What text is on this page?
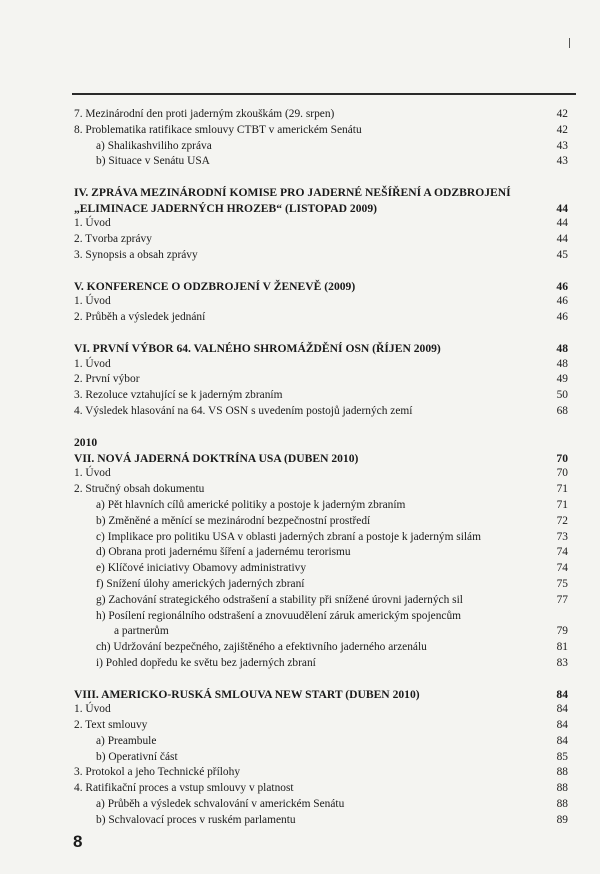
7. Mezinárodní den proti jaderným zkouškám (29. srpen)	42
8. Problematika ratifikace smlouvy CTBT v americkém Senátu	42
a) Shalikashviliho zpráva	43
b) Situace v Senátu USA	43
IV. ZPRÁVA MEZINÁRODNÍ KOMISE PRO JADERNÉ NEŠÍŘENÍ A ODZBROJENÍ
„ELIMINACE JADERNÝCH HROZEB“ (LISTOPAD 2009)	44
1. Úvod	44
2. Tvorba zprávy	44
3. Synopsis a obsah zprávy	45
V. KONFERENCE O ODZBROJENÍ V ŽENEVĚ (2009)	46
1. Úvod	46
2. Průběh a výsledek jednání	46
VI. PRVNÍ VÝBOR 64. VALNÉHO SHROMÁŽDĚNÍ OSN (ŘÍJEN 2009)	48
1. Úvod	48
2. První výbor	49
3. Rezoluce vztahující se k jaderným zbraním	50
4. Výsledek hlasování na 64. VS OSN s uvedením postojů jaderných zemí	68
2010
VII. NOVÁ JADERNÁ DOKTRÍNA USA (DUBEN 2010)	70
1. Úvod	70
2. Stručný obsah dokumentu	71
a) Pět hlavních cílů americké politiky a postoje k jaderným zbraním	71
b) Změněné a měnící se mezinárodní bezpečnostní prostředí	72
c) Implikace pro politiku USA v oblasti jaderných zbraní a postoje k jaderným silám	73
d) Obrana proti jadernému šíření a jadernému terorismu	74
e) Klíčové iniciativy Obamovy administrativy	74
f) Snížení úlohy amerických jaderných zbraní	75
g) Zachování strategického odstrašení a stability při snížené úrovni jaderných sil	77
h) Posílení regionálního odstrašení a znovuudělení záruk americkým spojencům
a partnerům	79
ch) Udržování bezpečného, zajištěného a efektivního jaderného arzenálu	81
i) Pohled dopředu ke světu bez jaderných zbraní	83
VIII. AMERICKO-RUSKÁ SMLOUVA NEW START (DUBEN 2010)	84
1. Úvod	84
2. Text smlouvy	84
a) Preambule	84
b) Operativní část	85
3. Protokol a jeho Technické přílohy	88
4. Ratifikační proces a vstup smlouvy v platnost	88
a) Průběh a výsledek schvalování v americkém Senátu	88
b) Schvalovací proces v ruském parlamentu	89
8
